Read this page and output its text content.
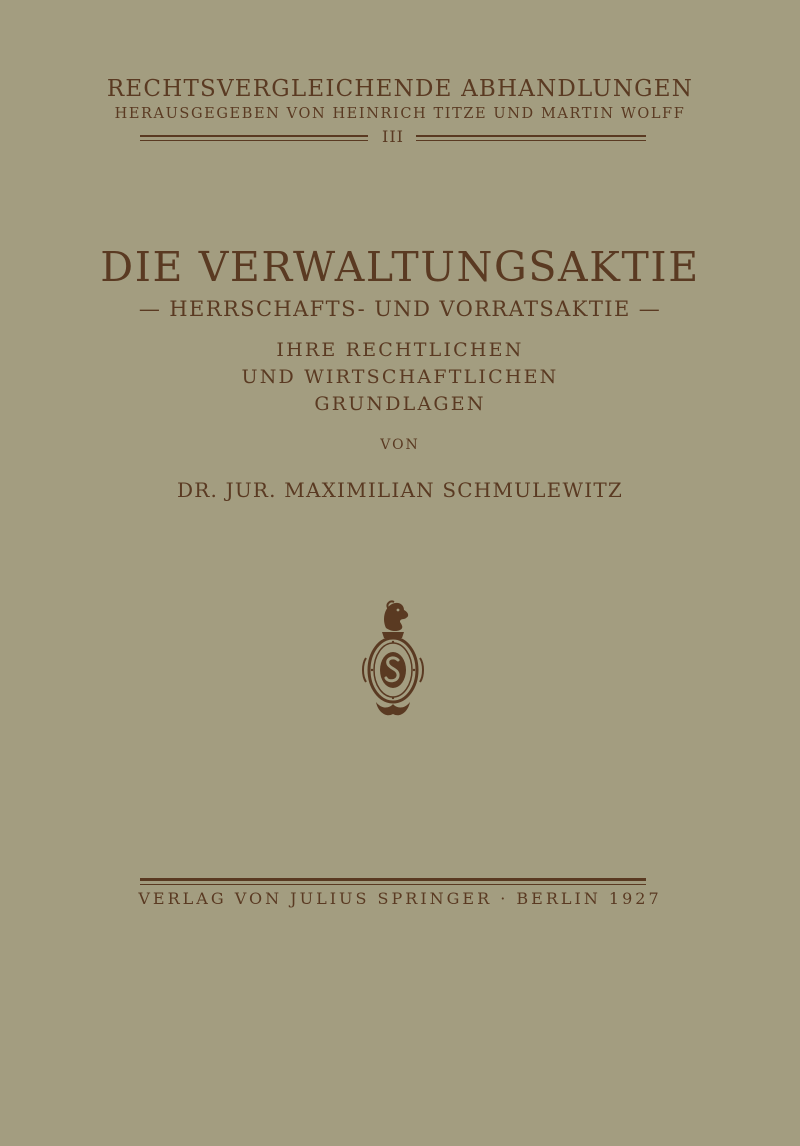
RECHTSVERGLEICHENDE ABHANDLUNGEN
HERAUSGEGEBEN VON HEINRICH TITZE UND MARTIN WOLFF
III
DIE VERWALTUNGSAKTIE
— HERRSCHAFTS- UND VORRATSAKTIE —
IHRE RECHTLICHEN
UND WIRTSCHAFTLICHEN
GRUNDLAGEN
VON
DR. JUR. MAXIMILIAN SCHMULEWITZ
VERLAG VON JULIUS SPRINGER · BERLIN 1927
